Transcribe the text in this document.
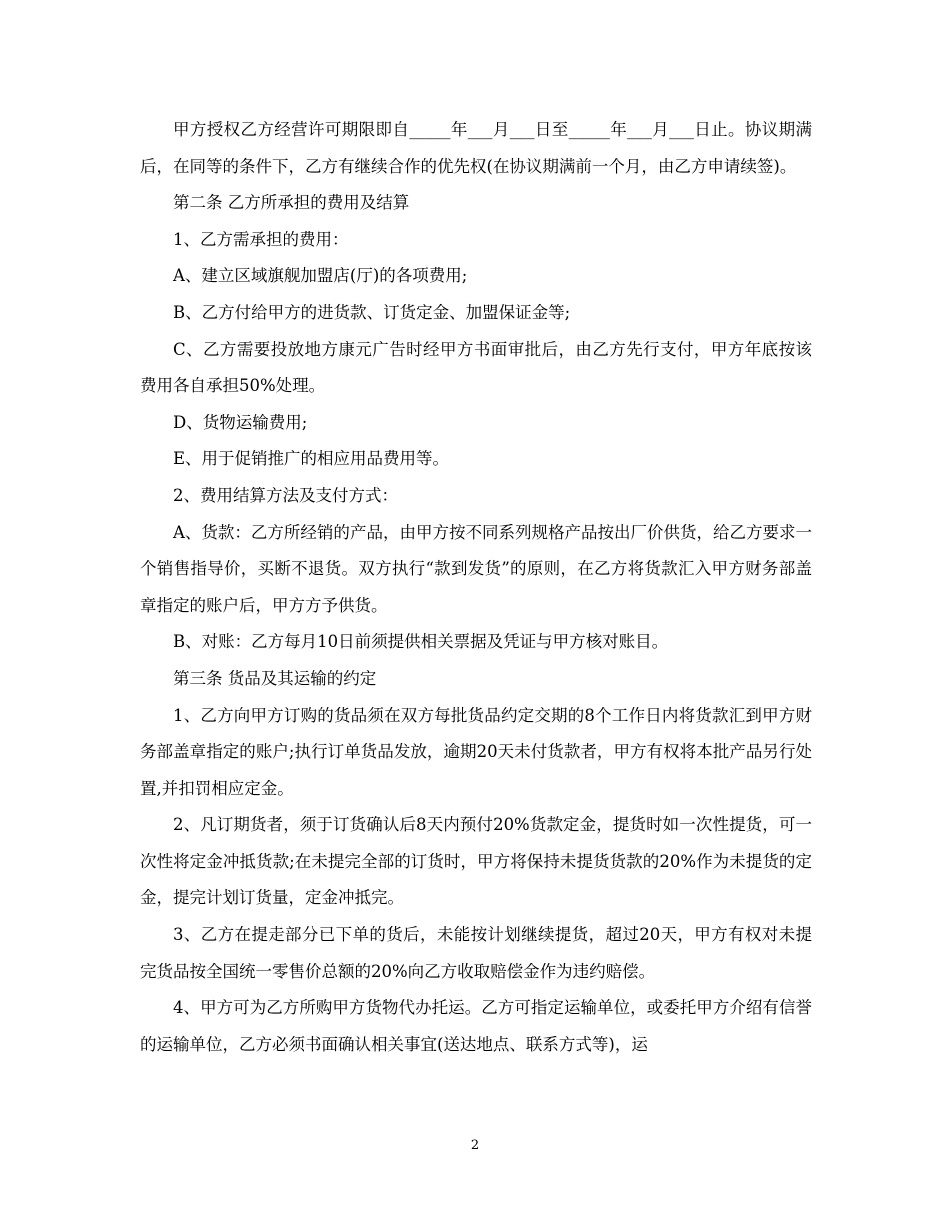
甲方授权乙方经营许可期限即自_____年___月___日至_____年___月___日止。协议期满后，在同等的条件下，乙方有继续合作的优先权(在协议期满前一个月，由乙方申请续签)。

第二条 乙方所承担的费用及结算

1、乙方需承担的费用：

A、建立区域旗舰加盟店(厅)的各项费用;

B、乙方付给甲方的进货款、订货定金、加盟保证金等;

C、乙方需要投放地方康元广告时经甲方书面审批后，由乙方先行支付，甲方年底按该费用各自承担50%处理。

D、货物运输费用;

E、用于促销推广的相应用品费用等。

2、费用结算方法及支付方式：

A、货款：乙方所经销的产品，由甲方按不同系列规格产品按出厂价供货，给乙方要求一个销售指导价，买断不退货。双方执行“款到发货”的原则，在乙方将货款汇入甲方财务部盖章指定的账户后，甲方方予供货。

B、对账：乙方每月10日前须提供相关票据及凭证与甲方核对账目。

第三条 货品及其运输的约定

1、乙方向甲方订购的货品须在双方每批货品约定交期的8个工作日内将货款汇到甲方财务部盖章指定的账户;执行订单货品发放，逾期20天未付货款者，甲方有权将本批产品另行处置,并扣罚相应定金。

2、凡订期货者，须于订货确认后8天内预付20%货款定金，提货时如一次性提货，可一次性将定金冲抵货款;在未提完全部的订货时，甲方将保持未提货货款的20%作为未提货的定金，提完计划订货量，定金冲抵完。

3、乙方在提走部分已下单的货后，未能按计划继续提货，超过20天，甲方有权对未提完货品按全国统一零售价总额的20%向乙方收取赔偿金作为违约赔偿。

4、甲方可为乙方所购甲方货物代办托运。乙方可指定运输单位，或委托甲方介绍有信誉的运输单位，乙方必须书面确认相关事宜(送达地点、联系方式等)，运

2
